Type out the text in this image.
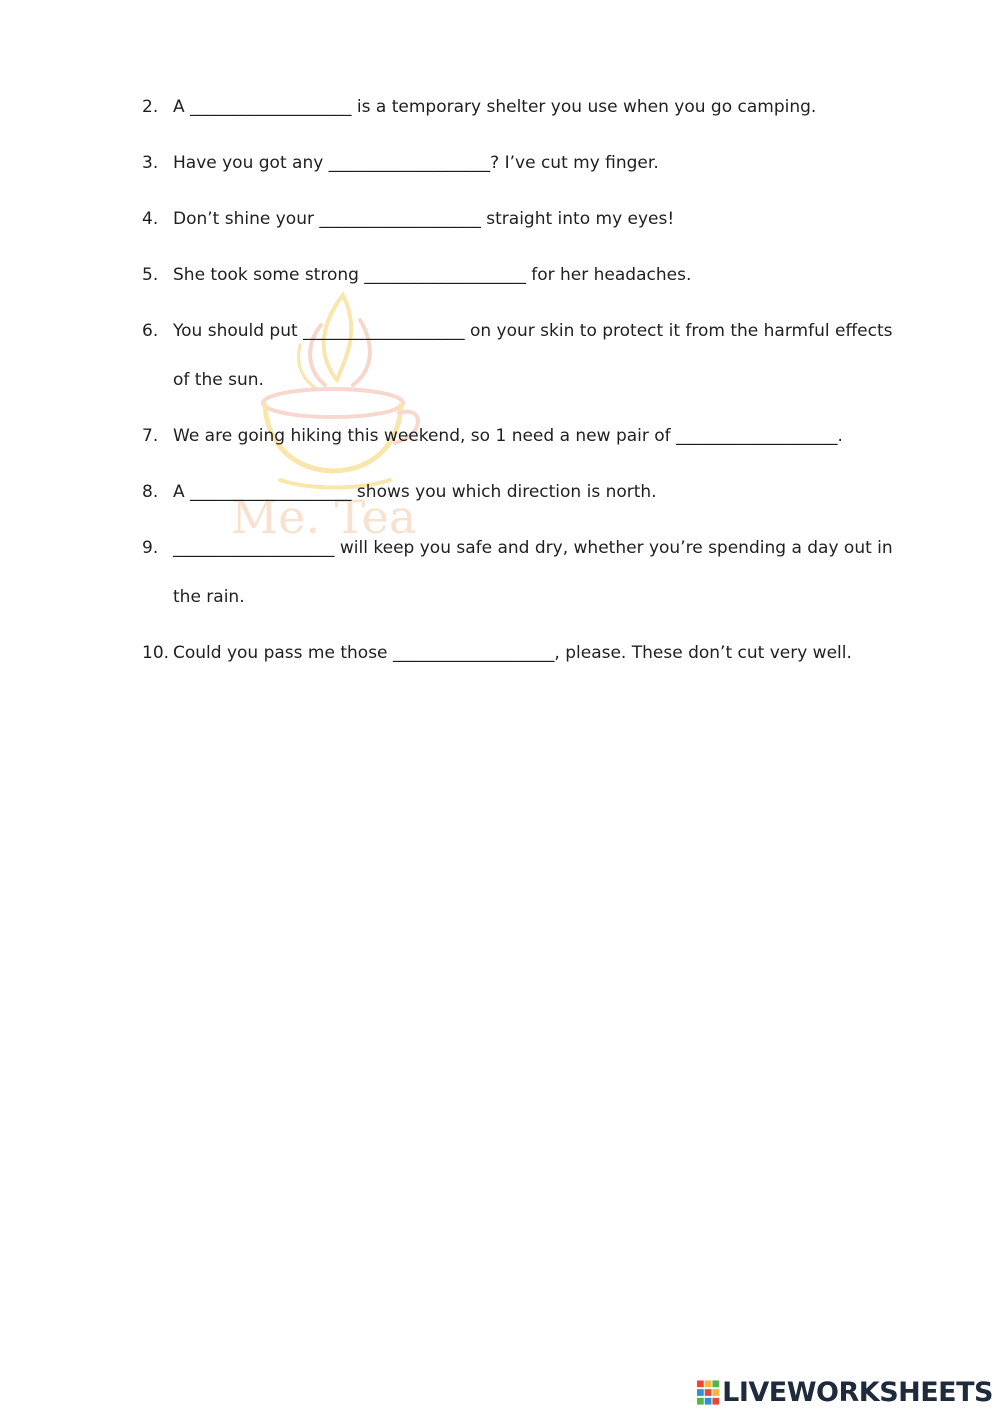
Me. Tea
2. A ___________________ is a temporary shelter you use when you go camping.
3. Have you got any ___________________? I’ve cut my finger.
4. Don’t shine your ___________________ straight into my eyes!
5. She took some strong ___________________ for her headaches.
6. You should put ___________________ on your skin to protect it from the harmful effects of the sun.
7. We are going hiking this weekend, so 1 need a new pair of ___________________.
8. A ___________________ shows you which direction is north.
9. ___________________ will keep you safe and dry, whether you’re spending a day out in the rain.
10. Could you pass me those ___________________, please. These don’t cut very well.
LIVEWORKSHEETS
